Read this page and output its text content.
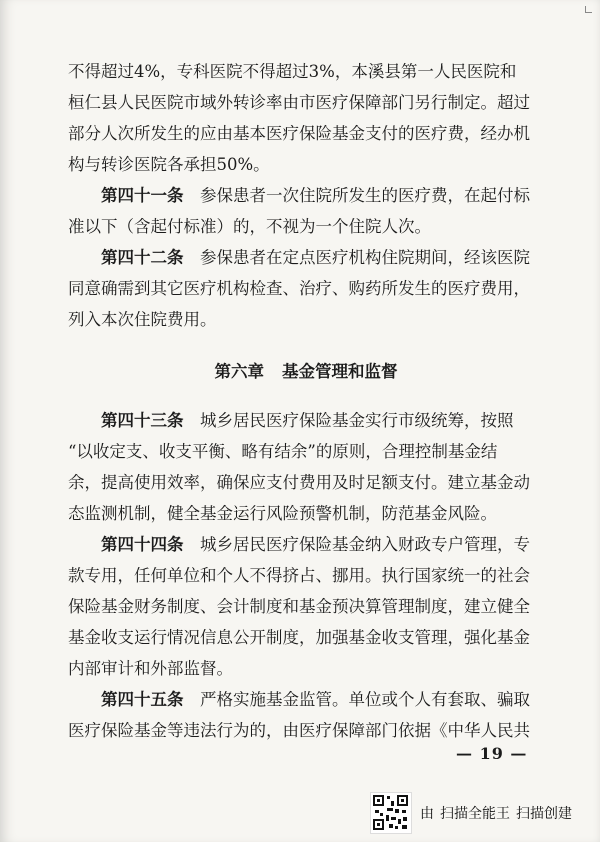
不得超过4%，专科医院不得超过3%，本溪县第一人民医院和
桓仁县人民医院市域外转诊率由市医疗保障部门另行制定。超过
部分人次所发生的应由基本医疗保险基金支付的医疗费，经办机
构与转诊医院各承担50%。
第四十一条　 参保患者一次住院所发生的医疗费，在起付标
准以下（含起付标准）的，不视为一个住院人次。
第四十二条　 参保患者在定点医疗机构住院期间，经该医院
同意确需到其它医疗机构检查、治疗、购药所发生的医疗费用，
列入本次住院费用。
第六章 基金管理和监督
第四十三条　 城乡居民医疗保险基金实行市级统筹，按照
“以收定支、收支平衡、略有结余”的原则，合理控制基金结
余，提高使用效率，确保应支付费用及时足额支付。建立基金动
态监测机制，健全基金运行风险预警机制，防范基金风险。
第四十四条　 城乡居民医疗保险基金纳入财政专户管理，专
款专用，任何单位和个人不得挤占、挪用。执行国家统一的社会
保险基金财务制度、会计制度和基金预决算管理制度，建立健全
基金收支运行情况信息公开制度，加强基金收支管理，强化基金
内部审计和外部监督。
第四十五条　 严格实施基金监管。单位或个人有套取、骗取
医疗保险基金等违法行为的，由医疗保障部门依据《中华人民共
— 19 —
由 扫描全能王 扫描创建
